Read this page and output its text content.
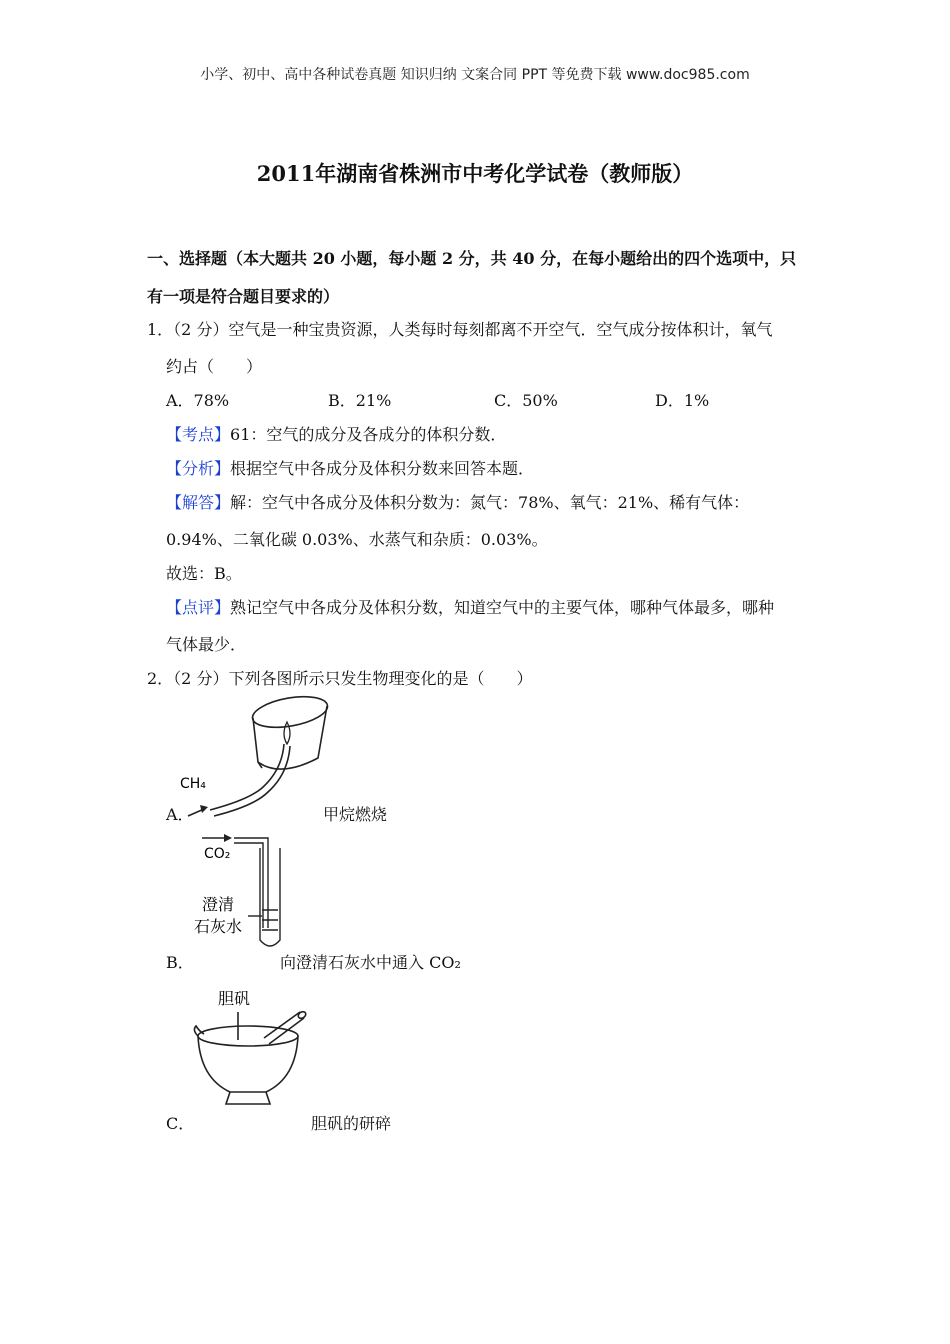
小学、初中、高中各种试卷真题 知识归纳 文案合同 PPT 等免费下载 www.doc985.com
2011年湖南省株洲市中考化学试卷（教师版）
一、选择题（本大题共 20 小题，每小题 2 分，共 40 分，在每小题给出的四个选项中，只
有一项是符合题目要求的）
1．（2 分）空气是一种宝贵资源，人类每时每刻都离不开空气．空气成分按体积计，氧气
约占（　　）
A．78%	B．21%	C．50%	D．1%
【考点】61：空气的成分及各成分的体积分数．
【分析】根据空气中各成分及体积分数来回答本题．
【解答】解：空气中各成分及体积分数为：氮气：78%、氧气：21%、稀有气体：
0.94%、二氧化碳 0.03%、水蒸气和杂质：0.03%。
故选：B。
【点评】熟记空气中各成分及体积分数，知道空气中的主要气体，哪种气体最多，哪种
气体最少．
2．（2 分）下列各图所示只发生物理变化的是（　　）
CH₄
A．	甲烷燃烧
CO₂
澄清
石灰水
B．	向澄清石灰水中通入 CO₂
胆矾
C．	胆矾的研碎
